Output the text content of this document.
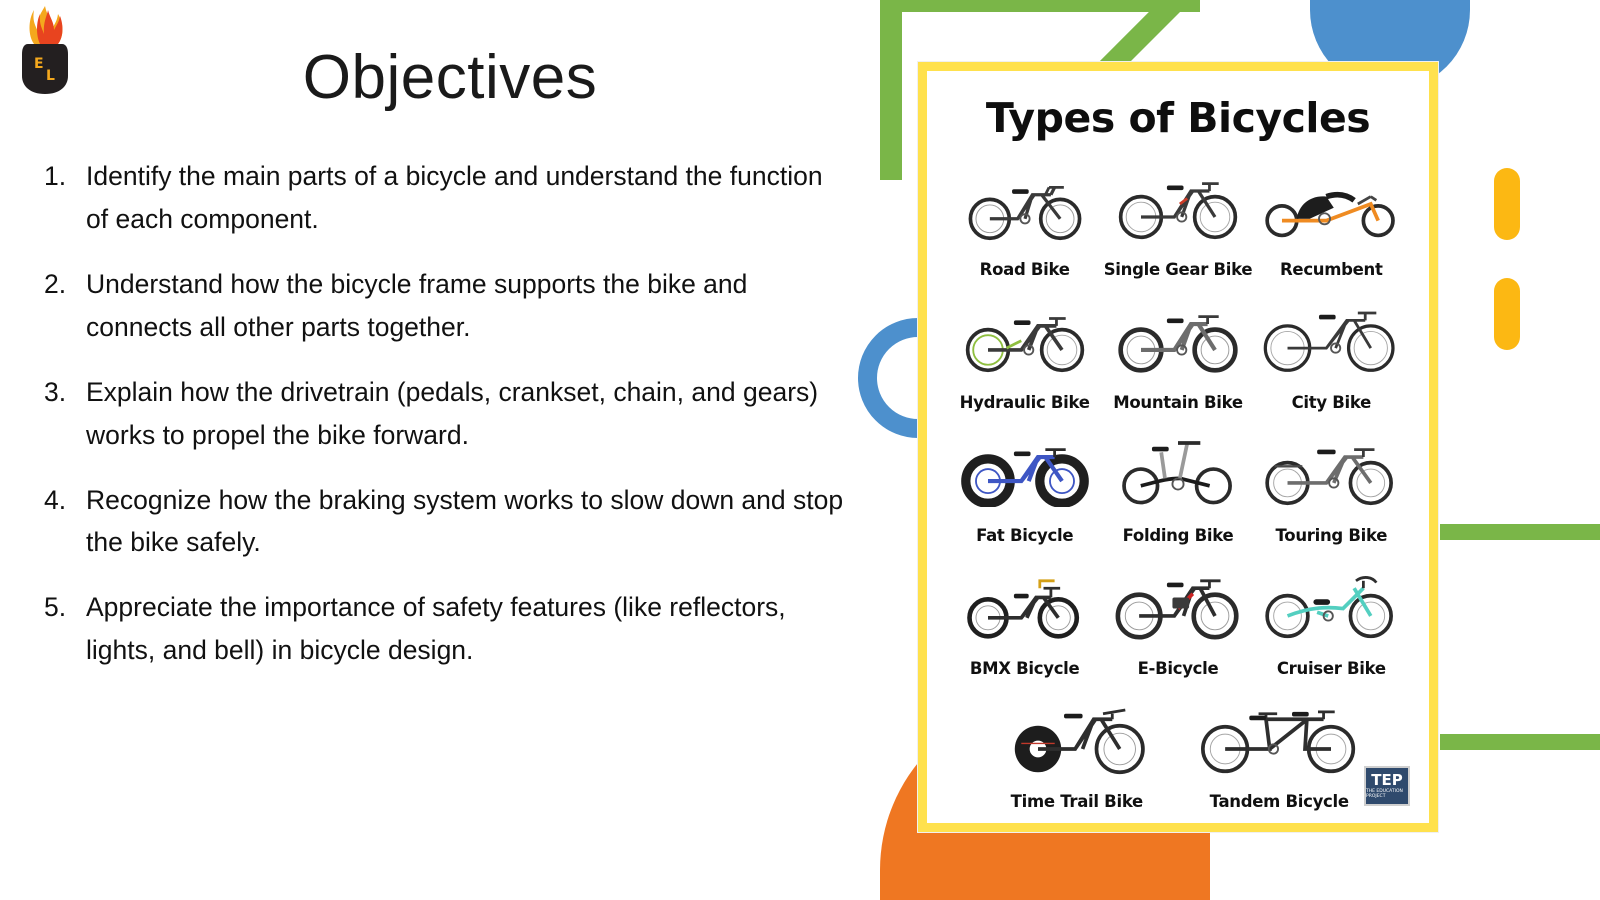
E
L	Objectives
1. Identify the main parts of a bicycle and understand the function of each component.
2. Understand how the bicycle frame supports the bike and connects all other parts together.
3. Explain how the drivetrain (pedals, crankset, chain, and gears) works to propel the bike forward.
4. Recognize how the braking system works to slow down and stop the bike safely.
5. Appreciate the importance of safety features (like reflectors, lights, and bell) in bicycle design.
Types of Bicycles
Road Bike Single Gear Bike Recumbent
Hydraulic Bike Mountain Bike	City Bike
Fat Bicycle	Folding Bike	Touring Bike
BMX Bicycle	E-Bicycle	Cruiser Bike
Time Trail Bike	Tandem Bicycle
TEP
THE EDUCATION PROJECT
